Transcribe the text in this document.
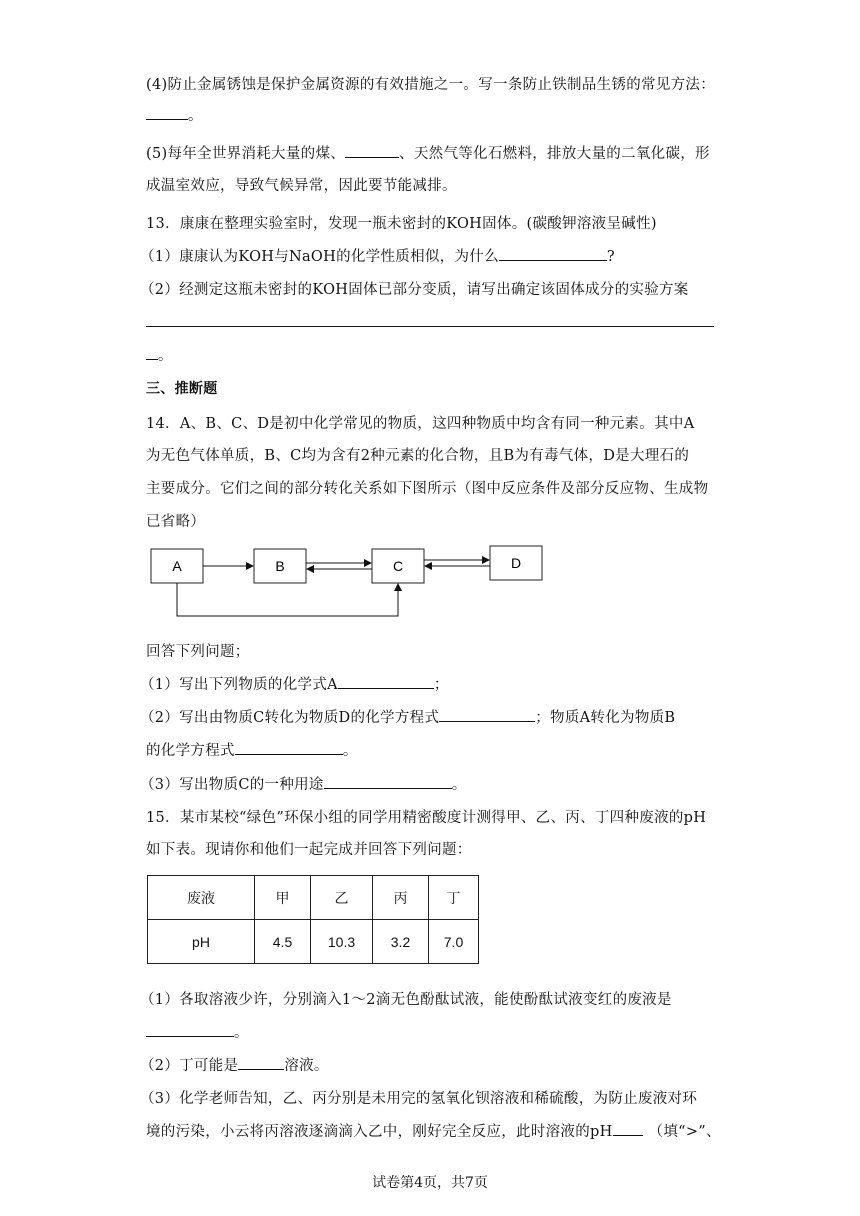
(4)防止金属锈蚀是保护金属资源的有效措施之一。写一条防止铁制品生锈的常见方法：
。
(5)每年全世界消耗大量的煤、	、天然气等化石燃料，排放大量的二氧化碳，形
成温室效应，导致气候异常，因此要节能减排。
13．康康在整理实验室时，发现一瓶未密封的KOH固体。(碳酸钾溶液呈碱性)
（1）康康认为KOH与NaOH的化学性质相似，为什么	?
（2）经测定这瓶未密封的KOH固体已部分变质，请写出确定该固体成分的实验方案
。
三、推断题
14．A、B、C、D是初中化学常见的物质，这四种物质中均含有同一种元素。其中A
为无色气体单质，B、C均为含有2种元素的化合物，且B为有毒气体，D是大理石的
主要成分。它们之间的部分转化关系如下图所示（图中反应条件及部分反应物、生成物
已省略）
A	B	C	D
回答下列问题；
（1）写出下列物质的化学式A	；
（2）写出由物质C转化为物质D的化学方程式	；物质A转化为物质B
的化学方程式	。
（3）写出物质C的一种用途	。
15．某市某校“绿色”环保小组的同学用精密酸度计测得甲、乙、丙、丁四种废液的pH
如下表。现请你和他们一起完成并回答下列问题：
废液	甲	乙	丙	丁
pH	4.5	10.3	3.2	7.0
（1）各取溶液少许，分别滴入1～2滴无色酚酞试液，能使酚酞试液变红的废液是
。
（2）丁可能是	溶液。
（3）化学老师告知，乙、丙分别是未用完的氢氧化钡溶液和稀硫酸，为防止废液对环
境的污染，小云将丙溶液逐滴滴入乙中，刚好完全反应，此时溶液的pH （填“>”、
试卷第4页，共7页
